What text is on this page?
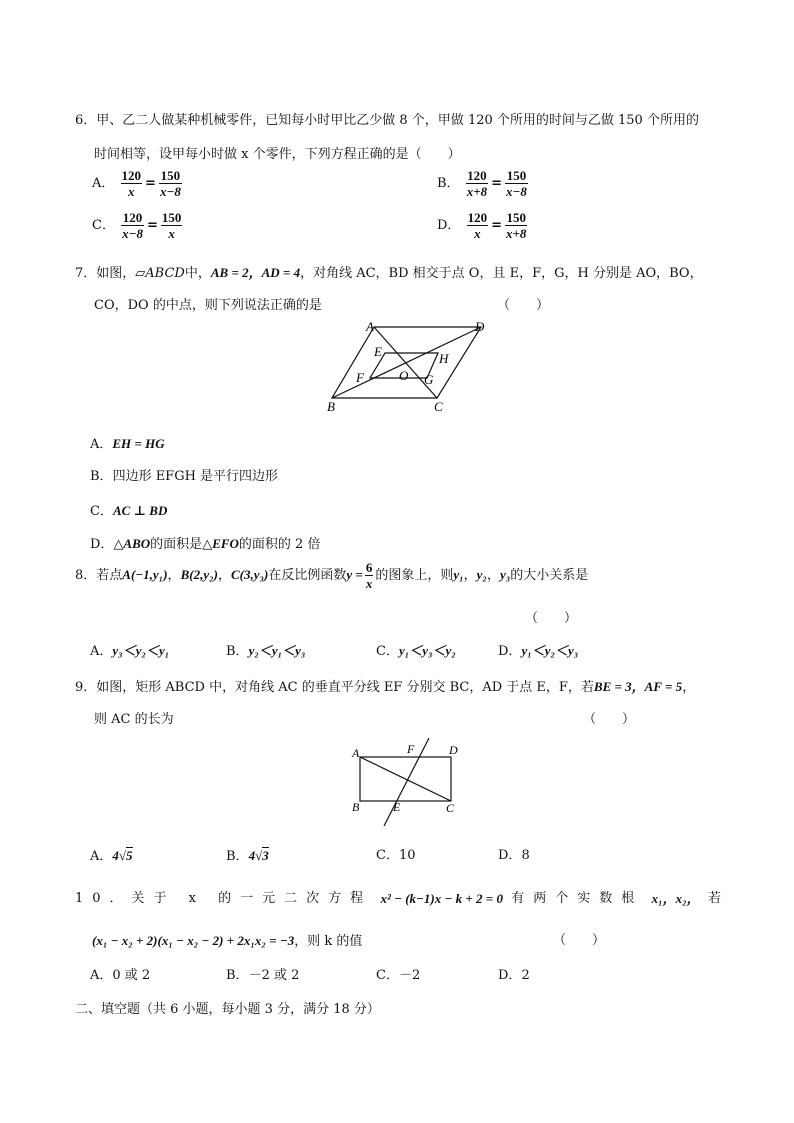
6．甲、乙二人做某种机械零件，已知每小时甲比乙少做 8 个，甲做 120 个所用的时间与乙做 150 个所用的
时间相等，设甲每小时做 x 个零件，下列方程正确的是（　　）
A． $\frac{120}{x} = \frac{150}{x-8}$	B． $\frac{120}{x+8} = \frac{150}{x-8}$
C． $\frac{120}{x-8} = \frac{150}{x}$	D． $\frac{120}{x} = \frac{150}{x+8}$
7．如图，▱ABCD中，AB = 2，AD = 4，对角线 AC，BD 相交于点 O，且 E，F，G，H 分别是 AO，BO，
CO，DO 的中点，则下列说法正确的是	（　　）
A	D
B	C
E	H
F	O G
A．EH = HG
B．四边形 EFGH 是平行四边形
C．AC ⊥ BD
D．△ABO的面积是△EFO的面积的 2 倍
8．若点A(−1,y₁)，B(2,y₂)，C(3,y₃)在反比例函数$y = \frac{6}{x}$ 的图象上，则y₁，y₂，y₃的大小关系是
（　　）
A．y₃＜y₂＜y₁	B．y₂＜y₁＜y₃	C．y₁＜y₃＜y₂	D．y₁＜y₂＜y₃
9．如图，矩形 ABCD 中，对角线 AC 的垂直平分线 EF 分别交 BC，AD 于点 E，F，若BE = 3，AF = 5，
则 AC 的长为	（　　）
A	D
B	C
F
E
A．4√5	B．4√3	C．10	D．8
10．关于 x 的一元二次方程 x² − (k−1)x − k + 2 = 0 有两个实数根 x₁，x₂， 若
(x₁ − x₂ + 2)(x₁ − x₂ − 2) + 2x₁x₂ = −3，则 k 的值	（　　）
A．0 或 2	B．－2 或 2	C．－2	D．2
二、填空题（共 6 小题，每小题 3 分，满分 18 分）
